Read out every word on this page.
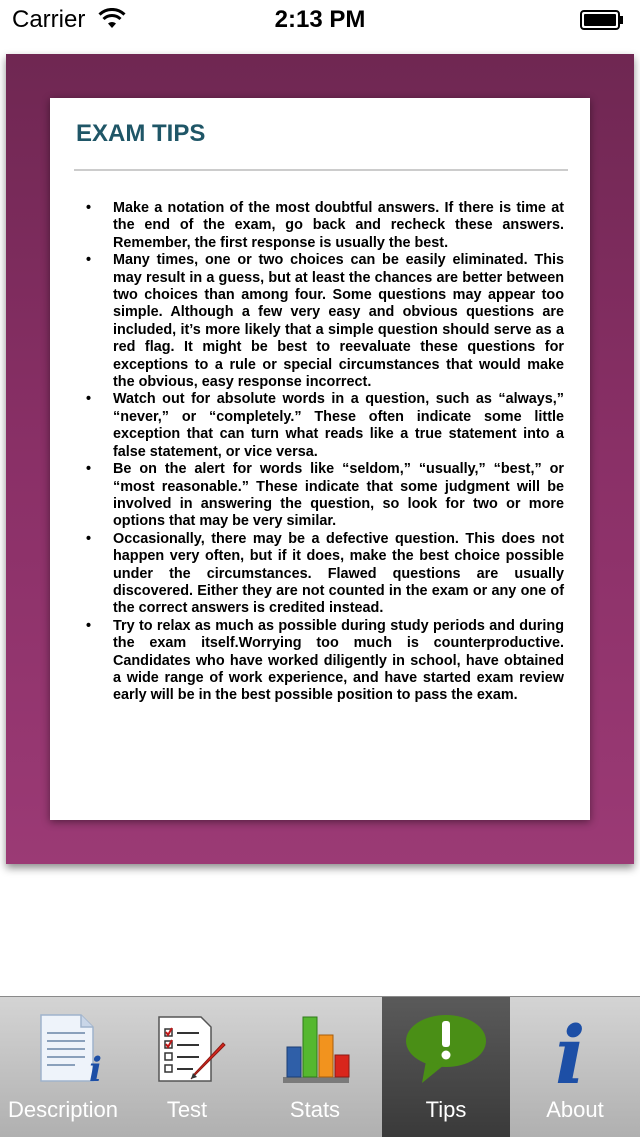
Carrier	2:13 PM
EXAM TIPS
•	Make a notation of the most doubtful answers. If there is time at the end of the exam, go back and recheck these answers. Remember, the first response is usually the best.
•	Many times, one or two choices can be easily eliminated. This may result in a guess, but at least the chances are better between two choices than among four. Some questions may appear too simple. Although a few very easy and obvious questions are included, it’s more likely that a simple question should serve as a red flag. It might be best to reevaluate these questions for exceptions to a rule or special circumstances that would make the obvious, easy response incorrect.
•	Watch out for absolute words in a question, such as “always,” “never,” or “completely.” These often indicate some little exception that can turn what reads like a true statement into a false statement, or vice versa.
•	Be on the alert for words like “seldom,” “usually,” “best,” or “most reasonable.” These indicate that some judgment will be involved in answering the question, so look for two or more options that may be very similar.
•	Occasionally, there may be a defective question. This does not happen very often, but if it does, make the best choice possible under the circumstances. Flawed questions are usually discovered. Either they are not counted in the exam or any one of the correct answers is credited instead.
•	Try to relax as much as possible during study periods and during the exam itself.Worrying too much is counterproductive. Candidates who have worked diligently in school, have obtained a wide range of work experience, and have started exam review early will be in the best possible position to pass the exam.
i
Description	Test	Stats	Tips
i
About
